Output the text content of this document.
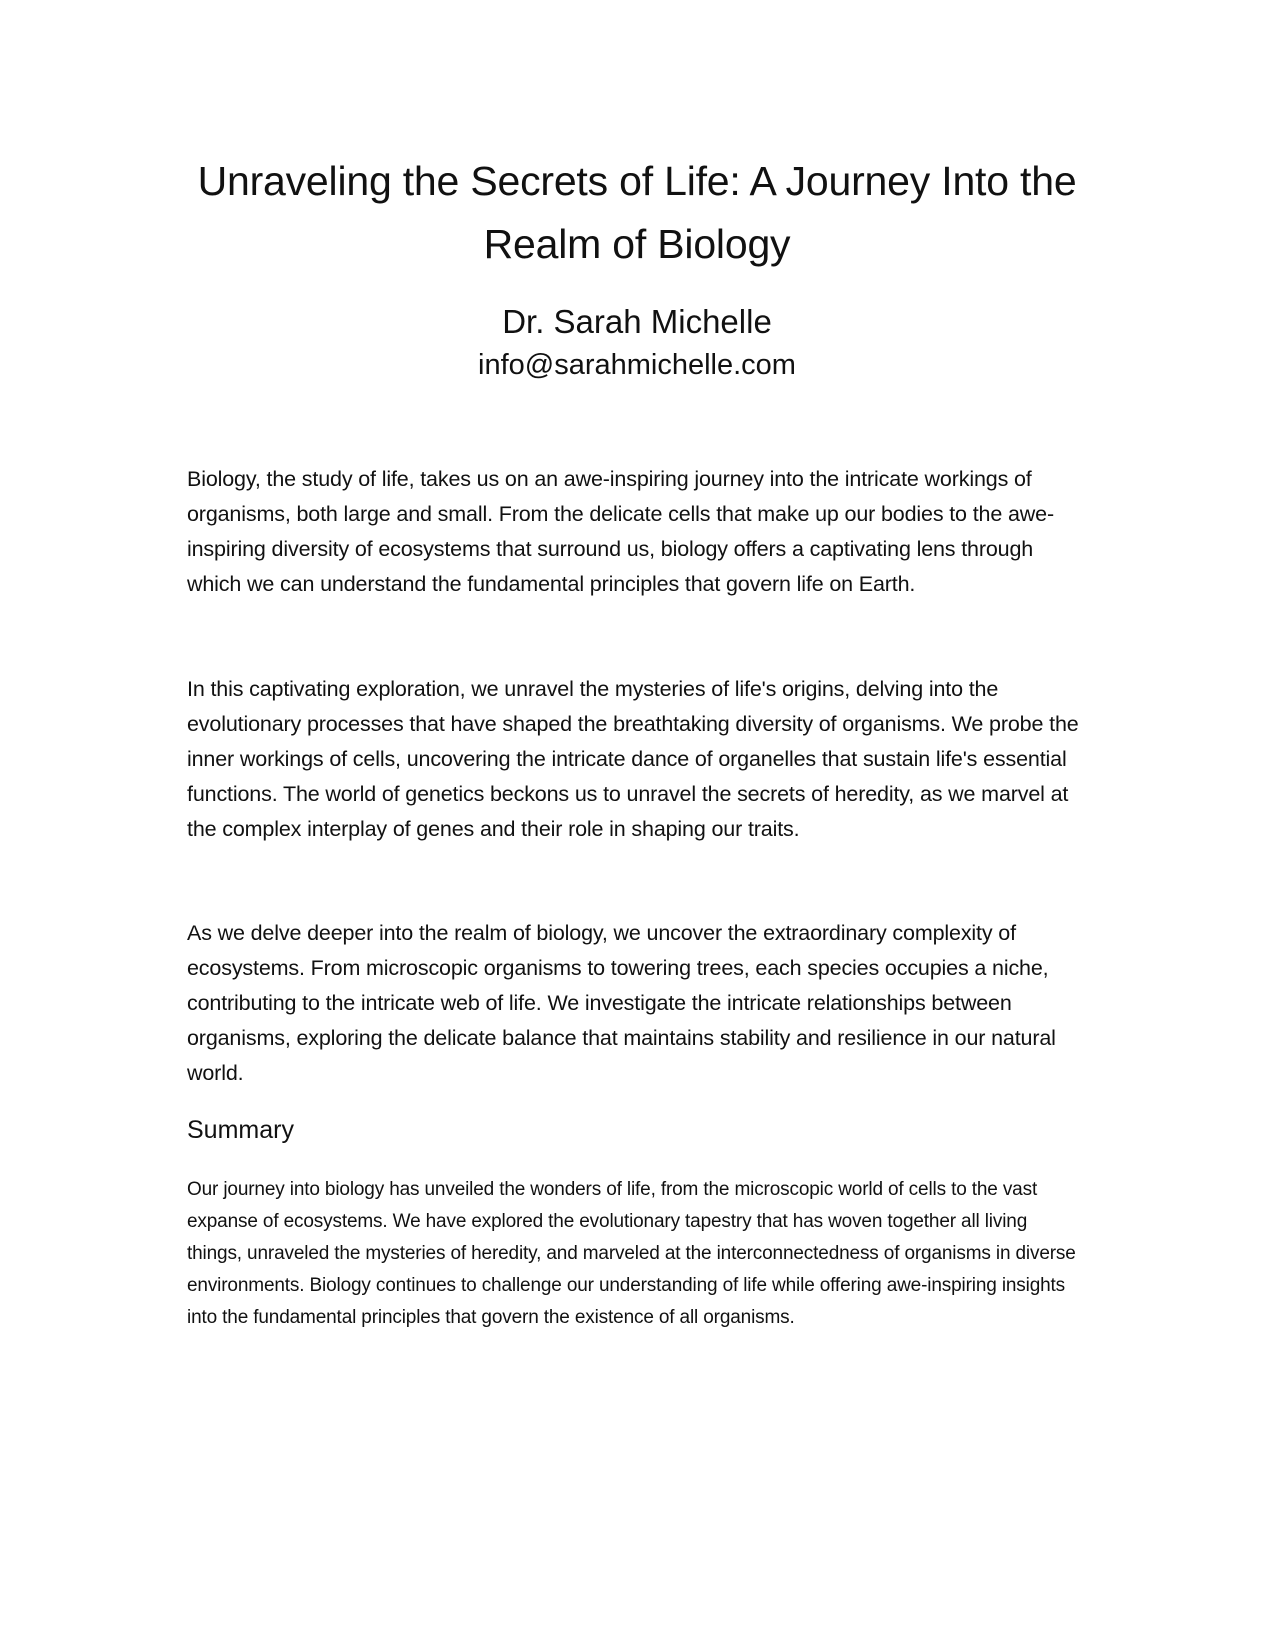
Unraveling the Secrets of Life: A Journey Into the Realm of Biology
Dr. Sarah Michelle
info@sarahmichelle.com

Biology, the study of life, takes us on an awe-inspiring journey into the intricate workings of organisms, both large and small. From the delicate cells that make up our bodies to the awe-inspiring diversity of ecosystems that surround us, biology offers a captivating lens through which we can understand the fundamental principles that govern life on Earth.

In this captivating exploration, we unravel the mysteries of life's origins, delving into the evolutionary processes that have shaped the breathtaking diversity of organisms. We probe the inner workings of cells, uncovering the intricate dance of organelles that sustain life's essential functions. The world of genetics beckons us to unravel the secrets of heredity, as we marvel at the complex interplay of genes and their role in shaping our traits.

As we delve deeper into the realm of biology, we uncover the extraordinary complexity of ecosystems. From microscopic organisms to towering trees, each species occupies a niche, contributing to the intricate web of life. We investigate the intricate relationships between organisms, exploring the delicate balance that maintains stability and resilience in our natural world.

Summary

Our journey into biology has unveiled the wonders of life, from the microscopic world of cells to the vast expanse of ecosystems. We have explored the evolutionary tapestry that has woven together all living things, unraveled the mysteries of heredity, and marveled at the interconnectedness of organisms in diverse environments. Biology continues to challenge our understanding of life while offering awe-inspiring insights into the fundamental principles that govern the existence of all organisms.
